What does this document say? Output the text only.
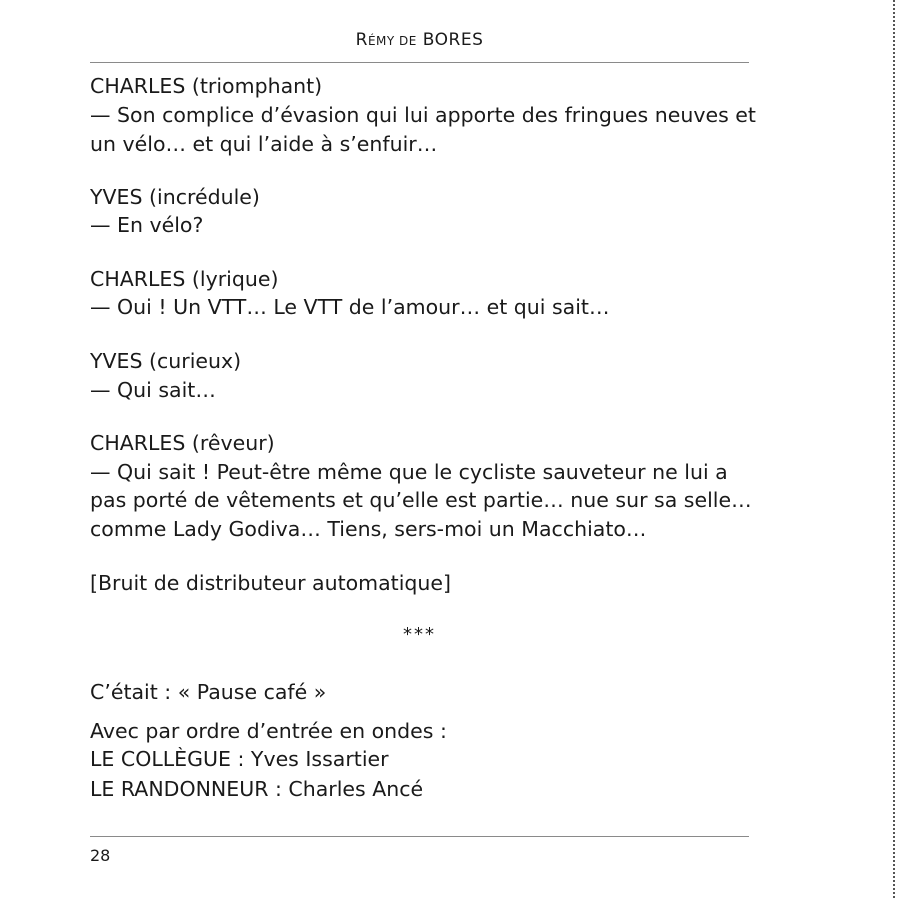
RÉMY DE BORES
CHARLES (triomphant)
— Son complice d’évasion qui lui apporte des fringues neuves et
un vélo… et qui l’aide à s’enfuir…
YVES (incrédule)
— En vélo?
CHARLES (lyrique)
— Oui ! Un VTT… Le VTT de l’amour… et qui sait…
YVES (curieux)
— Qui sait…
CHARLES (rêveur)
— Qui sait ! Peut-être même que le cycliste sauveteur ne lui a
pas porté de vêtements et qu’elle est partie… nue sur sa selle…
comme Lady Godiva… Tiens, sers-moi un Macchiato…
[Bruit de distributeur automatique]
***
C’était : « Pause café »
Avec par ordre d’entrée en ondes :
LE COLLÈGUE : Yves Issartier
LE RANDONNEUR : Charles Ancé
28
